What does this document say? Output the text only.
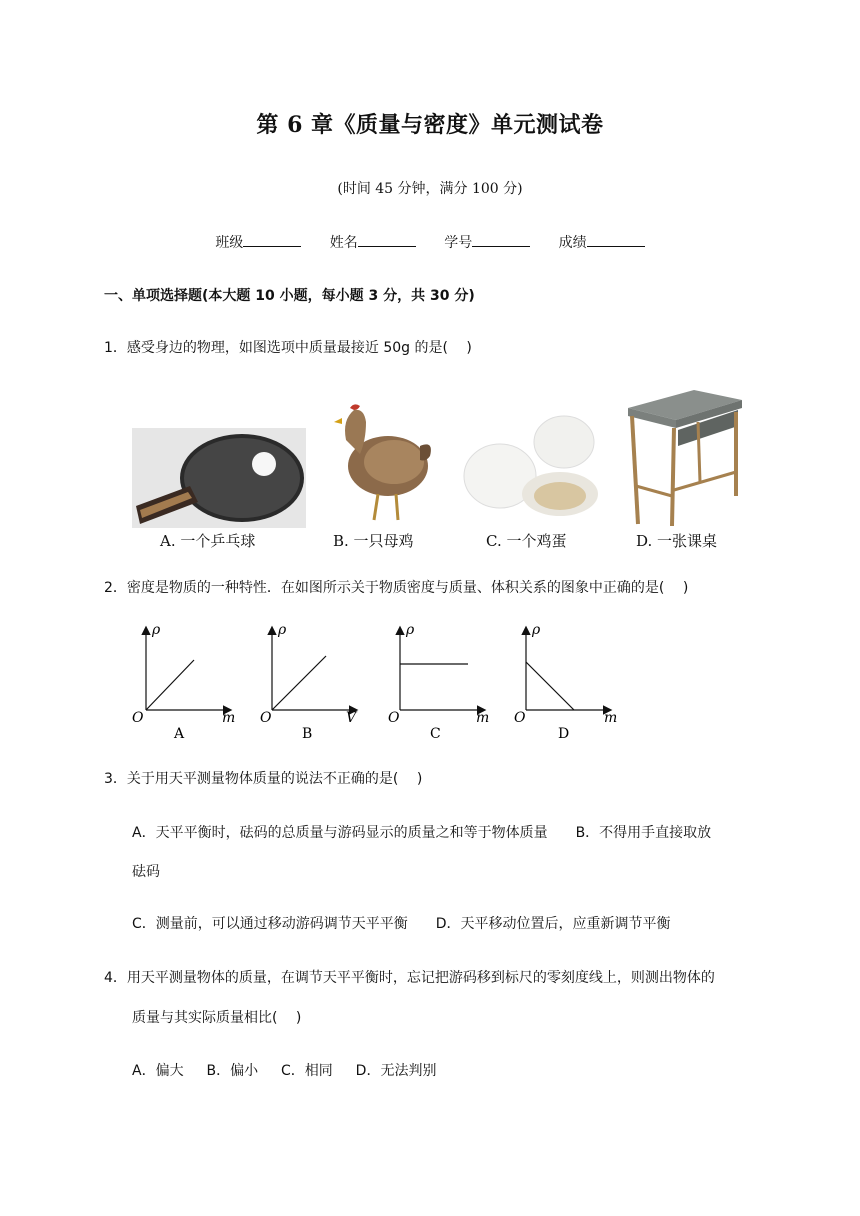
第 6 章《质量与密度》单元测试卷
(时间 45 分钟，满分 100 分)
班级	姓名	学号	成绩
一、单项选择题(本大题 10 小题，每小题 3 分，共 30 分)
1．感受身边的物理，如图选项中质量最接近 50g 的是(　 )
A. 一个乒乓球	B. 一只母鸡	C. 一个鸡蛋	D. 一张课桌
2．密度是物质的一种特性．在如图所示关于物质密度与质量、体积关系的图象中正确的是(　 )
ρ
O	m
A
ρ
O	V
B
ρ
O	m
C
ρ
O	m
D
3．关于用天平测量物体质量的说法不正确的是(　 )
A．天平平衡时，砝码的总质量与游码显示的质量之和等于物体质量　　B．不得用手直接取放
砝码
C．测量前，可以通过移动游码调节天平平衡　　D．天平移动位置后，应重新调节平衡
4．用天平测量物体的质量，在调节天平平衡时，忘记把游码移到标尺的零刻度线上，则测出物体的
质量与其实际质量相比(　 )
A．偏大　  B．偏小　  C．相同　  D．无法判别
